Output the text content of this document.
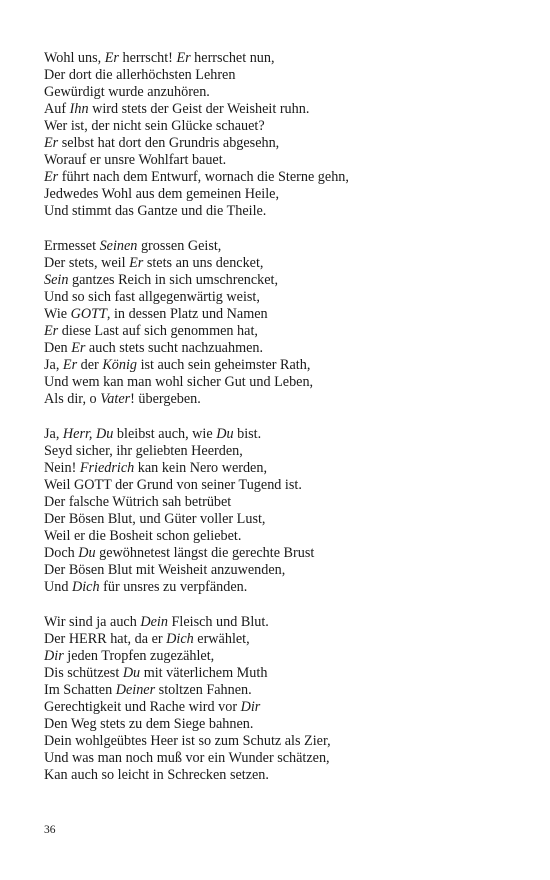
Wohl uns, Er herrscht! Er herrschet nun,
Der dort die allerhöchsten Lehren
Gewürdigt wurde anzuhören.
Auf Ihn wird stets der Geist der Weisheit ruhn.
Wer ist, der nicht sein Glücke schauet?
Er selbst hat dort den Grundris abgesehn,
Worauf er unsre Wohlfart bauet.
Er führt nach dem Entwurf, wornach die Sterne gehn,
Jedwedes Wohl aus dem gemeinen Heile,
Und stimmt das Gantze und die Theile.
Ermesset Seinen grossen Geist,
Der stets, weil Er stets an uns dencket,
Sein gantzes Reich in sich umschrencket,
Und so sich fast allgegenwärtig weist,
Wie GOTT, in dessen Platz und Namen
Er diese Last auf sich genommen hat,
Den Er auch stets sucht nachzuahmen.
Ja, Er der König ist auch sein geheimster Rath,
Und wem kan man wohl sicher Gut und Leben,
Als dir, o Vater! übergeben.
Ja, Herr, Du bleibst auch, wie Du bist.
Seyd sicher, ihr geliebten Heerden,
Nein! Friedrich kan kein Nero werden,
Weil GOTT der Grund von seiner Tugend ist.
Der falsche Wütrich sah betrübet
Der Bösen Blut, und Güter voller Lust,
Weil er die Bosheit schon geliebet.
Doch Du gewöhnetest längst die gerechte Brust
Der Bösen Blut mit Weisheit anzuwenden,
Und Dich für unsres zu verpfänden.
Wir sind ja auch Dein Fleisch und Blut.
Der HERR hat, da er Dich erwählet,
Dir jeden Tropfen zugezählet,
Dis schützest Du mit väterlichem Muth
Im Schatten Deiner stoltzen Fahnen.
Gerechtigkeit und Rache wird vor Dir
Den Weg stets zu dem Siege bahnen.
Dein wohlgeübtes Heer ist so zum Schutz als Zier,
Und was man noch muß vor ein Wunder schätzen,
Kan auch so leicht in Schrecken setzen.
36
